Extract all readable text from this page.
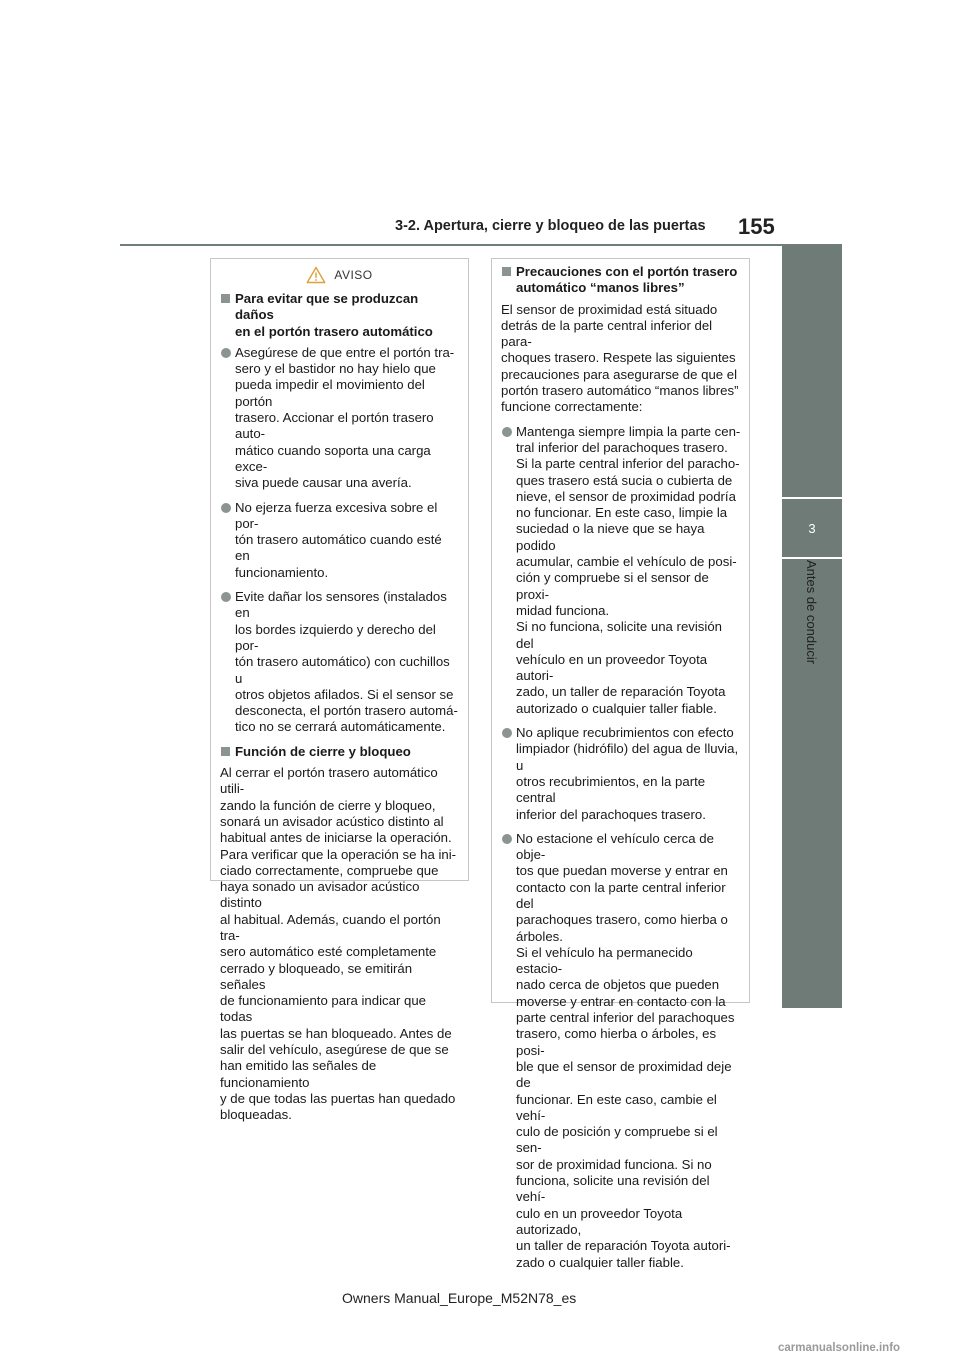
3-2. Apertura, cierre y bloqueo de las puertas 155
3
Antes de conducir
AVISO
Para evitar que se produzcan daños
en el portón trasero automático
Asegúrese de que entre el portón tra-
sero y el bastidor no hay hielo que
pueda impedir el movimiento del portón
trasero. Accionar el portón trasero auto-
mático cuando soporta una carga exce-
siva puede causar una avería.
No ejerza fuerza excesiva sobre el por-
tón trasero automático cuando esté en
funcionamiento.
Evite dañar los sensores (instalados en
los bordes izquierdo y derecho del por-
tón trasero automático) con cuchillos u
otros objetos afilados. Si el sensor se
desconecta, el portón trasero automá-
tico no se cerrará automáticamente.
Función de cierre y bloqueo
Al cerrar el portón trasero automático utili-
zando la función de cierre y bloqueo,
sonará un avisador acústico distinto al
habitual antes de iniciarse la operación.
Para verificar que la operación se ha ini-
ciado correctamente, compruebe que
haya sonado un avisador acústico distinto
al habitual. Además, cuando el portón tra-
sero automático esté completamente
cerrado y bloqueado, se emitirán señales
de funcionamiento para indicar que todas
las puertas se han bloqueado. Antes de
salir del vehículo, asegúrese de que se
han emitido las señales de funcionamiento
y de que todas las puertas han quedado
bloqueadas.
Precauciones con el portón trasero
automático “manos libres”
El sensor de proximidad está situado
detrás de la parte central inferior del para-
choques trasero. Respete las siguientes
precauciones para asegurarse de que el
portón trasero automático “manos libres”
funcione correctamente:
Mantenga siempre limpia la parte cen-
tral inferior del parachoques trasero.
Si la parte central inferior del paracho-
ques trasero está sucia o cubierta de
nieve, el sensor de proximidad podría
no funcionar. En este caso, limpie la
suciedad o la nieve que se haya podido
acumular, cambie el vehículo de posi-
ción y compruebe si el sensor de proxi-
midad funciona.
Si no funciona, solicite una revisión del
vehículo en un proveedor Toyota autori-
zado, un taller de reparación Toyota
autorizado o cualquier taller fiable.
No aplique recubrimientos con efecto
limpiador (hidrófilo) del agua de lluvia, u
otros recubrimientos, en la parte central
inferior del parachoques trasero.
No estacione el vehículo cerca de obje-
tos que puedan moverse y entrar en
contacto con la parte central inferior del
parachoques trasero, como hierba o
árboles.
Si el vehículo ha permanecido estacio-
nado cerca de objetos que pueden
moverse y entrar en contacto con la
parte central inferior del parachoques
trasero, como hierba o árboles, es posi-
ble que el sensor de proximidad deje de
funcionar. En este caso, cambie el vehí-
culo de posición y compruebe si el sen-
sor de proximidad funciona. Si no
funciona, solicite una revisión del vehí-
culo en un proveedor Toyota autorizado,
un taller de reparación Toyota autori-
zado o cualquier taller fiable.
Owners Manual_Europe_M52N78_es
carmanualsonline.info
